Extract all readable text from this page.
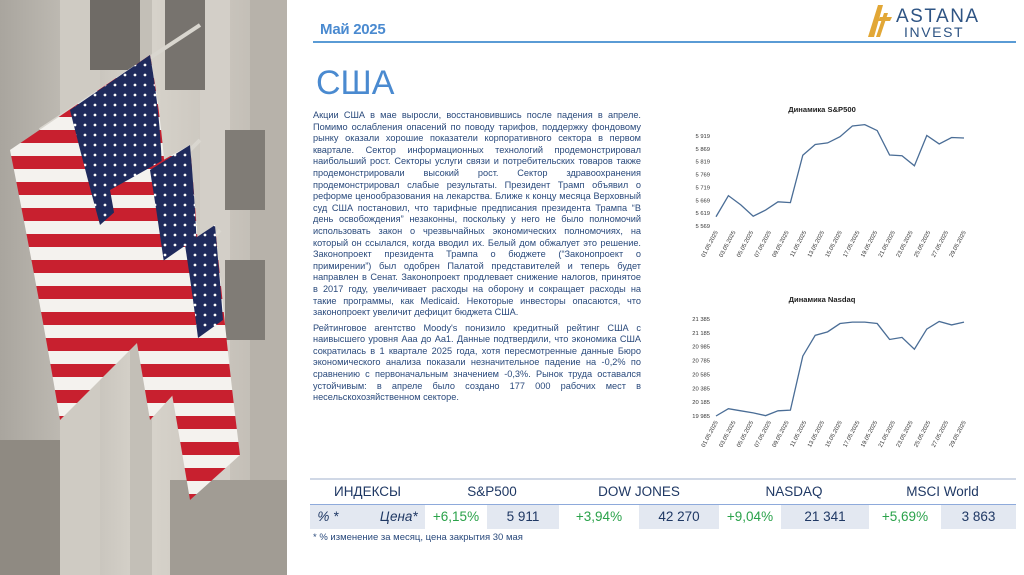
Май 2025
ASTANA
INVEST
США

Акции США в мае выросли, восстановившись после падения в апреле. Помимо ослабления опасений по поводу тарифов, поддержку фондовому рынку оказали хорошие показатели корпоративного сектора в первом квартале. Сектор информационных технологий продемонстрировал наибольший рост. Секторы услуги связи и потребительских товаров также продемонстрировали высокий рост. Сектор здравоохранения продемонстрировал слабые результаты. Президент Трамп объявил о реформе ценообразования на лекарства. Ближе к концу месяца Верховный суд США постановил, что тарифные предписания президента Трампа “В день освобождения” незаконны, поскольку у него не было полномочий использовать закон о чрезвычайных экономических полномочиях, на который он ссылался, когда вводил их. Белый дом обжалует это решение. Законопроект президента Трампа о бюджете (“Законопроект о примирении”) был одобрен Палатой представителей и теперь будет направлен в Сенат. Законопроект продлевает снижение налогов, принятое в 2017 году, увеличивает расходы на оборону и сокращает расходы на такие программы, как Medicaid. Некоторые инвесторы опасаются, что законопроект увеличит дефицит бюджета США.

Рейтинговое агентство Moody's понизило кредитный рейтинг США с наивысшего уровня Aaa до Aa1. Данные подтвердили, что экономика США сократилась в 1 квартале 2025 года, хотя пересмотренные данные Бюро экономического анализа показали незначительное падение на -0,2% по сравнению с первоначальным значением -0,3%. Рынок труда оставался устойчивым: в апреле было создано 177 000 рабочих мест в несельскохозяйственном секторе.

Динамика S&P500
5 569
5 619
5 669
5 719
5 769
5 819
5 869
5 919
01.05.2025
03.05.2025
05.05.2025
07.05.2025
09.05.2025
11.05.2025
13.05.2025
15.05.2025
17.05.2025
19.05.2025
21.05.2025
23.05.2025
25.05.2025
27.05.2025
29.05.2025
Динамика Nasdaq
19 985
20 185
20 385
20 585
20 785
20 985
21 185
21 385
01.05.2025
03.05.2025
05.05.2025
07.05.2025
09.05.2025
11.05.2025
13.05.2025
15.05.2025
17.05.2025
19.05.2025
21.05.2025
23.05.2025
25.05.2025
27.05.2025
29.05.2025
ИНДЕКСЫ	S&P500		DOW JONES		NASDAQ		MSCI World	
% * Цена*	+6,15%	5 911	+3,94%	42 270	+9,04%	21 341	+5,69%	3 863
* % изменение за месяц, цена закрытия 30 мая
